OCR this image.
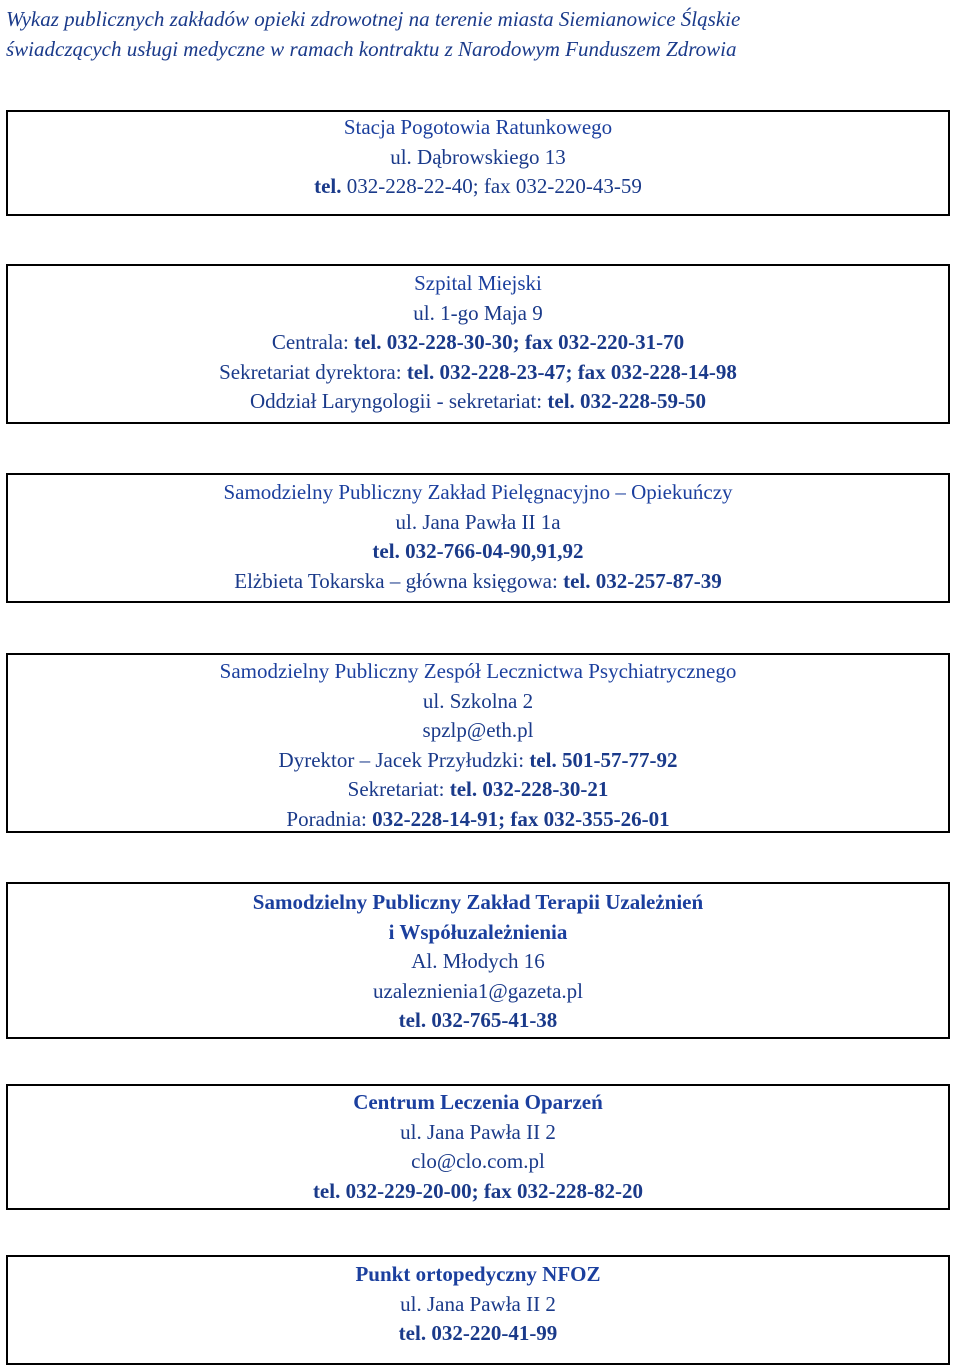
Wykaz publicznych zakładów opieki zdrowotnej na terenie miasta Siemianowice Śląskie
świadczących usługi medyczne w ramach kontraktu z Narodowym Funduszem Zdrowia
Stacja Pogotowia Ratunkowego
ul. Dąbrowskiego 13
tel. 032-228-22-40; fax 032-220-43-59
Szpital Miejski
ul. 1-go Maja 9
Centrala: tel. 032-228-30-30; fax 032-220-31-70
Sekretariat dyrektora: tel. 032-228-23-47; fax 032-228-14-98
Oddział Laryngologii - sekretariat: tel. 032-228-59-50
Samodzielny Publiczny Zakład Pielęgnacyjno – Opiekuńczy
ul. Jana Pawła II 1a
tel. 032-766-04-90,91,92
Elżbieta Tokarska – główna księgowa: tel. 032-257-87-39
Samodzielny Publiczny Zespół Lecznictwa Psychiatrycznego
ul. Szkolna 2
spzlp@eth.pl
Dyrektor – Jacek Przyłudzki: tel. 501-57-77-92
Sekretariat: tel. 032-228-30-21
Poradnia: 032-228-14-91; fax 032-355-26-01
Samodzielny Publiczny Zakład Terapii Uzależnień
i Współuzależnienia
Al. Młodych 16
uzaleznienia1@gazeta.pl
tel. 032-765-41-38
Centrum Leczenia Oparzeń
ul. Jana Pawła II 2
clo@clo.com.pl
tel. 032-229-20-00; fax 032-228-82-20
Punkt ortopedyczny NFOZ
ul. Jana Pawła II 2
tel. 032-220-41-99
